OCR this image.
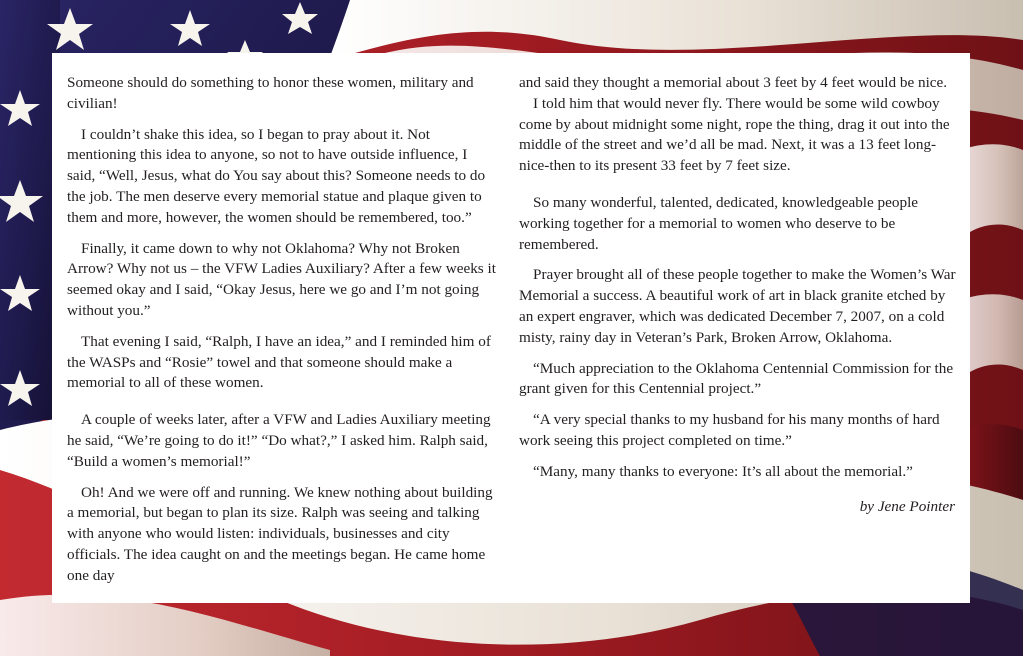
Someone should do something to honor these women, military and civilian!

I couldn’t shake this idea, so I began to pray about it. Not mentioning this idea to anyone, so not to have outside influence, I said, “Well, Jesus, what do You say about this? Someone needs to do the job. The men deserve every memorial statue and plaque given to them and more, however, the women should be remembered, too.”

Finally, it came down to why not Oklahoma? Why not Broken Arrow? Why not us – the VFW Ladies Auxiliary? After a few weeks it seemed okay and I said, “Okay Jesus, here we go and I’m not going without you.”

That evening I said, “Ralph, I have an idea,” and I reminded him of the WASPs and “Rosie” towel and that someone should make a memorial to all of these women.

A couple of weeks later, after a VFW and Ladies Auxiliary meeting he said, “We’re going to do it!” “Do what?,” I asked him. Ralph said, “Build a women’s memorial!”

Oh! And we were off and running. We knew nothing about building a memorial, but began to plan its size. Ralph was seeing and talking with anyone who would listen: individuals, businesses and city officials. The idea caught on and the meetings began. He came home one day

and said they thought a memorial about 3 feet by 4 feet would be nice.

I told him that would never fly. There would be some wild cowboy come by about midnight some night, rope the thing, drag it out into the middle of the street and we’d all be mad. Next, it was a 13 feet long-nice-then to its present 33 feet by 7 feet size.

So many wonderful, talented, dedicated, knowledgeable people working together for a memorial to women who deserve to be remembered.

Prayer brought all of these people together to make the Women’s War Memorial a success. A beautiful work of art in black granite etched by an expert engraver, which was dedicated December 7, 2007, on a cold misty, rainy day in Veteran’s Park, Broken Arrow, Oklahoma.

“Much appreciation to the Oklahoma Centennial Commission for the grant given for this Centennial project.”

“A very special thanks to my husband for his many months of hard work seeing this project completed on time.”

“Many, many thanks to everyone: It’s all about the memorial.”

by Jene Pointer
